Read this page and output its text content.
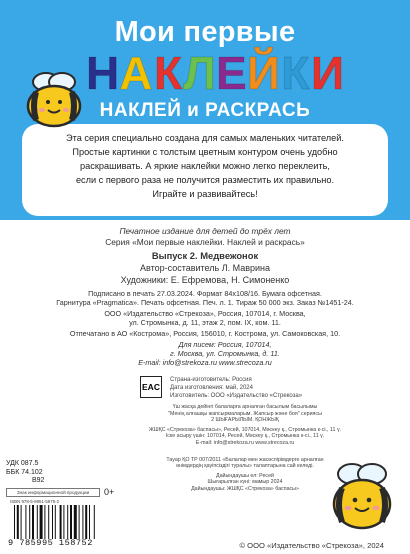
Мои первые
Н А К Л Е Й К И
НАКЛЕЙ и РАСКРАСЬ

Эта серия специально создана для самых маленьких читателей.

Простые картинки с толстым цветным контуром очень удобно

раскрашивать. А яркие наклейки можно легко переклеить,

если с первого раза не получится разместить их правильно.

Играйте и развивайтесь!

Печатное издание для детей до трёх лет
Серия «Мои первые наклейки. Наклей и раскрась»
Выпуск 2. Медвежонок
Автор-составитель Л. Маврина
Художники: Е. Ефремова, Н. Симоненко
Подписано в печать 27.03.2024. Формат 84х108/16. Бумага офсетная.
Гарнитура «Pragmatica». Печать офсетная. Печ. л. 1. Тираж 50 000 экз. Заказ №1451-24.
ООО «Издательство «Стрекоза», Россия, 107014, г. Москва,
ул. Стромынка, д. 11, этаж 2, пом. IX, ком. 11.
Отпечатано в АО «Кострома», Россия, 156010, г. Кострома, ул. Самоковская, 10.
Для писем: Россия, 107014,
г. Москва, ул. Стромынка, д. 11.
E-mail: info@strekoza.ru www.strecoza.ru
EAC
Страна-изготовитель: Россия
Дата изготовления: май, 2024
Изготовитель: ООО «Издательство «Стрекоза»
Үш жасқа дейінгі балаларға арналған басылым басылымы
"Менің алғашқы жапсырмаларым. Жапсыр және боя" сериясы
2 ШЫҒАРЫЛЫМ. ҚОНЖЫҚ
ЖШҚС «Стрекоза» баспасы», Ресей, 107014, Мәскеу қ., Стромынка к-сі., 11 ү.
Іске асыру үшін: 107014, Ресей, Мәскеу қ., Стромынка к-сі., 11 ү.
E-mail: info@strekoza.ru www.strecoza.ru
Тауар ҚО ТР 007/2011 «Балалар мен жасөспірімдерге арналған
өнімдердің қауіпсіздігі туралы» талаптарына сай келеді.
Дайындаушы ел: Ресей
Шығарылған күні: мамыр 2024
Дайындаушы: ЖШҚС «Стрекоза» баспасы»
УДК 087.5
ББК 74.102
В92
Знак информационной продукции	0+
ISBN 978-5-9951-5875-2
9 785995 158752	© ООО «Издательство «Стрекоза», 2024
